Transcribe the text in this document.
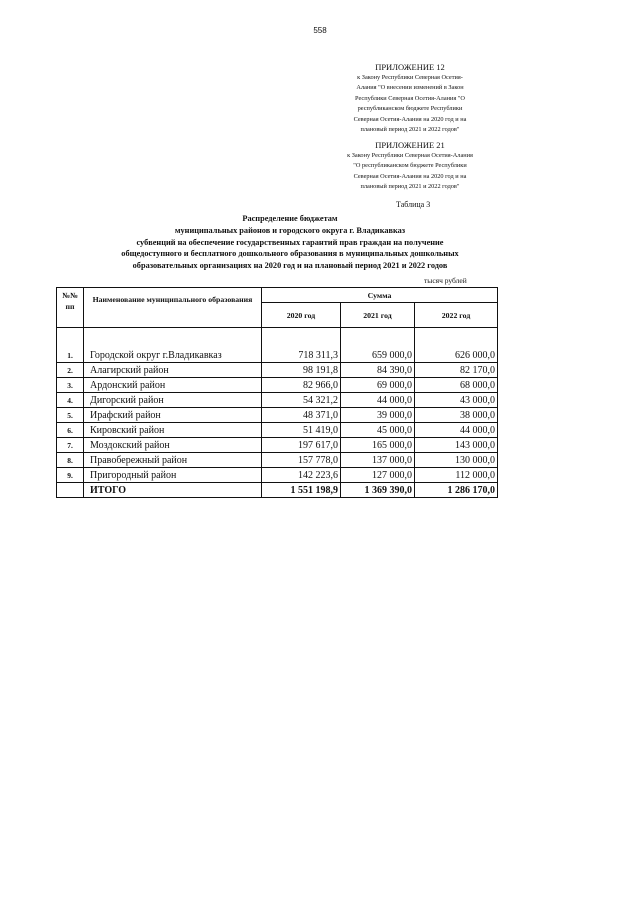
558
ПРИЛОЖЕНИЕ 12
к Закону Республики Северная Осетия-
Алания "О внесении изменений в Закон
Республики Северная Осетия-Алания "О
республиканском бюджете Республики
Северная Осетия-Алания на 2020 год и на
плановый период 2021 и 2022 годов"
ПРИЛОЖЕНИЕ 21
к Закону Республики Северная Осетия-Алания
"О республиканском бюджете Республики
Северная Осетия-Алания на 2020 год и на
плановый период 2021 и 2022 годов"
Таблица 3
Распределение бюджетам
муниципальных районов и городского округа г. Владикавказ
субвенций на обеспечение государственных гарантий прав граждан на получение
общедоступного и бесплатного дошкольного образования в муниципальных дошкольных
образовательных организациях на 2020 год и на плановый период 2021 и 2022 годов
тысяч рублей
№№ пп	Наименование муниципального образования	Сумма		
		2020 год	2021 год	2022 год

1.	Городской округ г.Владикавказ	718 311,3	659 000,0	626 000,0
2.	Алагирский район	98 191,8	84 390,0	82 170,0
3.	Ардонский район	82 966,0	69 000,0	68 000,0
4.	Дигорский район	54 321,2	44 000,0	43 000,0
5.	Ирафский район	48 371,0	39 000,0	38 000,0
6.	Кировский район	51 419,0	45 000,0	44 000,0
7.	Моздокский район	197 617,0	165 000,0	143 000,0
8.	Правобережный район	157 778,0	137 000,0	130 000,0
9.	Пригородный район	142 223,6	127 000,0	112 000,0
	ИТОГО	1 551 198,9	1 369 390,0	1 286 170,0
